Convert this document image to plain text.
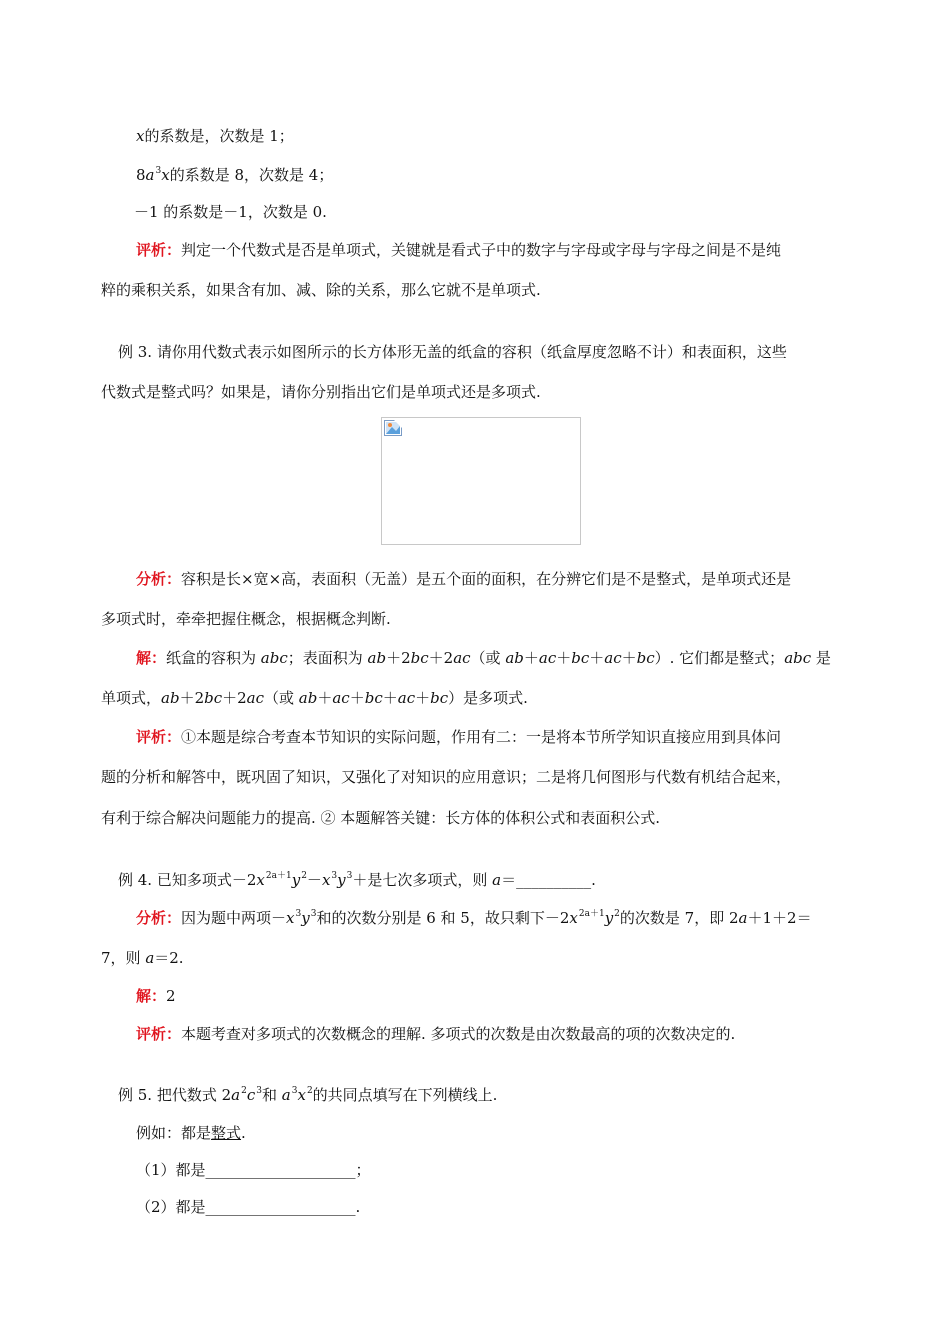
x的系数是，次数是 1；
$8a^3x$的系数是 8，次数是 4；
－1 的系数是－1，次数是 0.
评析：判定一个代数式是否是单项式，关键就是看式子中的数字与字母或字母与字母之间是不是纯
粹的乘积关系，如果含有加、减、除的关系，那么它就不是单项式.
例 3. 请你用代数式表示如图所示的长方体形无盖的纸盒的容积（纸盒厚度忽略不计）和表面积，这些
代数式是整式吗？如果是，请你分别指出它们是单项式还是多项式.
分析：容积是长×宽×高，表面积（无盖）是五个面的面积，在分辨它们是不是整式，是单项式还是
多项式时，牵牵把握住概念，根据概念判断.
解：纸盒的容积为 abc；表面积为 ab＋2bc＋2ac（或 ab＋ac＋bc＋ac＋bc）. 它们都是整式；abc 是
单项式，ab＋2bc＋2ac（或 ab＋ac＋bc＋ac＋bc）是多项式.
评析：①本题是综合考查本节知识的实际问题，作用有二：一是将本节所学知识直接应用到具体问
题的分析和解答中，既巩固了知识，又强化了对知识的应用意识；二是将几何图形与代数有机结合起来，
有利于综合解决问题能力的提高. ② 本题解答关键：长方体的体积公式和表面积公式.
例 4. 已知多项式$-2x^{2a+1}y^2-x^3y^3+$是七次多项式，则 a＝__________.
分析：因为题中两项$-x^3y^3$和的次数分别是 6 和 5，故只剩下$-2x^{2a+1}y^2$的次数是 7，即 2a＋1＋2＝
7，则 a＝2.
解：2
评析：本题考查对多项式的次数概念的理解. 多项式的次数是由次数最高的项的次数决定的.
例 5. 把代数式 $2a^2c^3$和 $a^3x^2$的共同点填写在下列横线上.
例如：都是整式.
（1）都是____________________；
（2）都是____________________.
